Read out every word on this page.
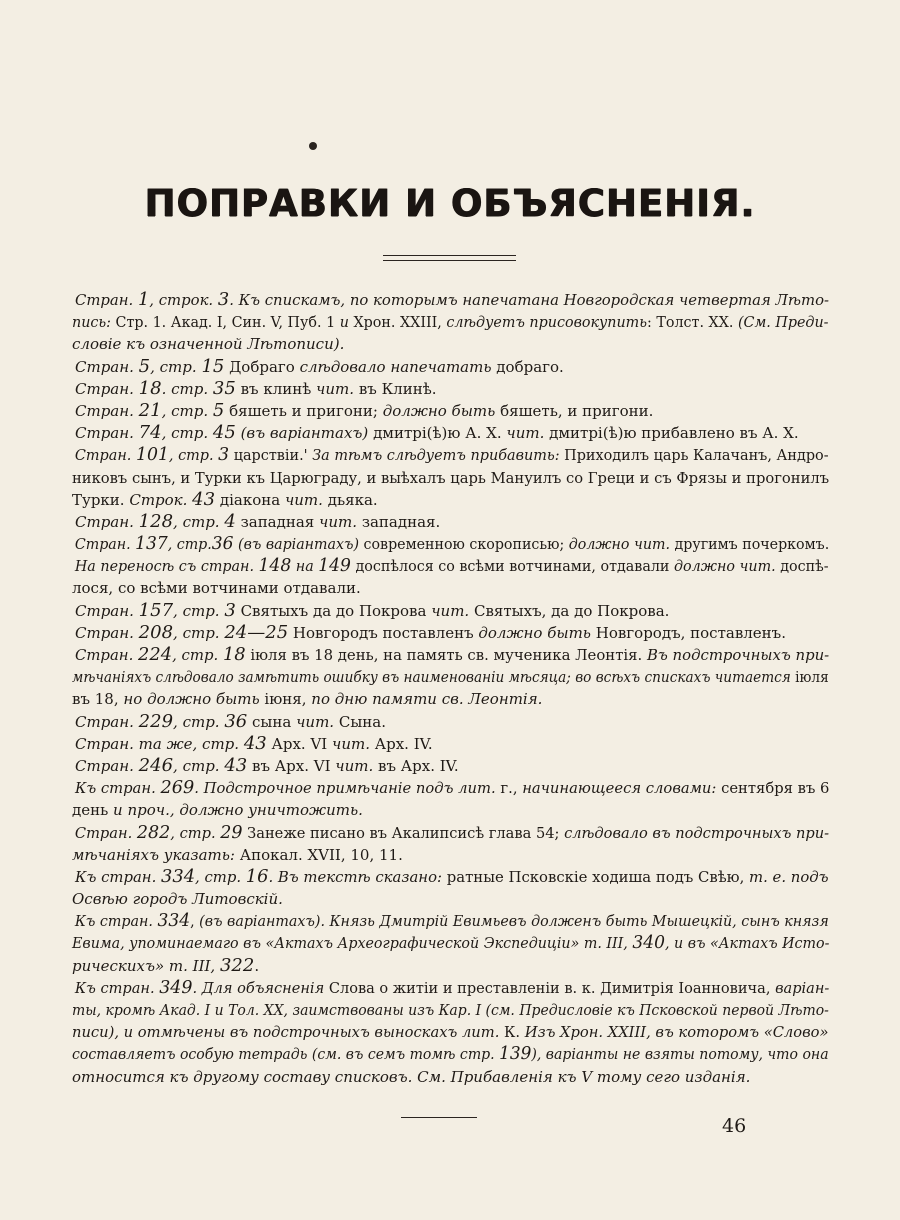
ПОПРАВКИ И ОБЪЯСНЕНІЯ.

Стран. 1, строк. 3. Къ спискамъ, по которымъ напечатана Новгородская четвертая Лѣто-

пись: Стр. 1. Акад. I, Син. V, Пуб. 1 и Хрон. XXIII, слѣдуетъ присовокупить: Толст. XX. (См. Преди-

словіе къ означенной Лѣтописи).

Стран. 5, стр. 15 Добраго слѣдовало напечатать добраго.

Стран. 18. стр. 35 въ клинѣ чит. въ Клинѣ.

Стран. 21, стр. 5 бяшеть и пригони; должно быть бяшеть, и пригони.

Стран. 74, стр. 45 (въ варіантахъ) дмитрі(ѣ)ю А. Х. чит. дмитрі(ѣ)ю прибавлено въ А. Х.

Стран. 101, стр. 3 царствіи.' За тѣмъ слѣдуетъ прибавить: Приходилъ царь Калачанъ, Андро-

никовъ сынъ, и Турки къ Царюграду, и выѣхалъ царь Мануилъ со Греци и съ Фрязы и прогонилъ

Турки. Строк. 43 діакона чит. дьяка.

Стран. 128, стр. 4 западная чит. западная.

Стран. 137, стр.36 (въ варіантахъ) современною скорописью; должно чит. другимъ почеркомъ.

На переносѣ съ стран. 148 на 149 доспѣлося со всѣми вотчинами, отдавали должно чит. доспѣ-

лося, со всѣми вотчинами отдавали.

Стран. 157, стр. 3 Святыхъ да до Покрова чит. Святыхъ, да до Покрова.

Стран. 208, стр. 24—25 Новгородъ поставленъ должно быть Новгородъ, поставленъ.

Стран. 224, стр. 18 іюля въ 18 день, на память св. мученика Леонтія. Въ подстрочныхъ при-

мѣчаніяхъ слѣдовало замѣтить ошибку въ наименованіи мѣсяца; во всѣхъ спискахъ читается іюля

въ 18, но должно быть іюня, по дню памяти св. Леонтія.

Стран. 229, стр. 36 сына чит. Сына.

Стран. та же, стр. 43 Арх. VI чит. Арх. IV.

Стран. 246, стр. 43 въ Арх. VI чит. въ Арх. IV.

Къ стран. 269. Подстрочное примѣчаніе подъ лит. г., начинающееся словами: сентября въ 6

день и проч., должно уничтожить.

Стран. 282, стр. 29 Занеже писано въ Акалипсисѣ глава 54; слѣдовало въ подстрочныхъ при-

мѣчаніяхъ указать: Апокал. XVII, 10, 11.

Къ стран. 334, стр. 16. Въ текстѣ сказано: ратные Псковскіе ходиша подъ Свѣю, т. е. подъ

Освѣю городъ Литовскій.

Къ стран. 334, (въ варіантахъ). Князь Дмитрій Евимьевъ долженъ быть Мышецкій, сынъ князя

Евима, упоминаемаго въ «Актахъ Археографической Экспедиціи» т. III, 340, и въ «Актахъ Исто-

рическихъ» т. III, 322.

Къ стран. 349. Для объясненія Слова о житіи и преставленіи в. к. Димитрія Іоанновича, варіан-

ты, кромѣ Акад. I и Тол. XX, заимствованы изъ Кар. I (см. Предисловіе къ Псковской первой Лѣто-

писи), и отмѣчены въ подстрочныхъ выноскахъ лит. К. Изъ Хрон. XXIII, въ которомъ «Слово»

составляетъ особую тетрадь (см. въ семъ томѣ стр. 139), варіанты не взяты потому, что она

относится къ другому составу списковъ. См. Прибавленія къ V тому сего изданія.

46
